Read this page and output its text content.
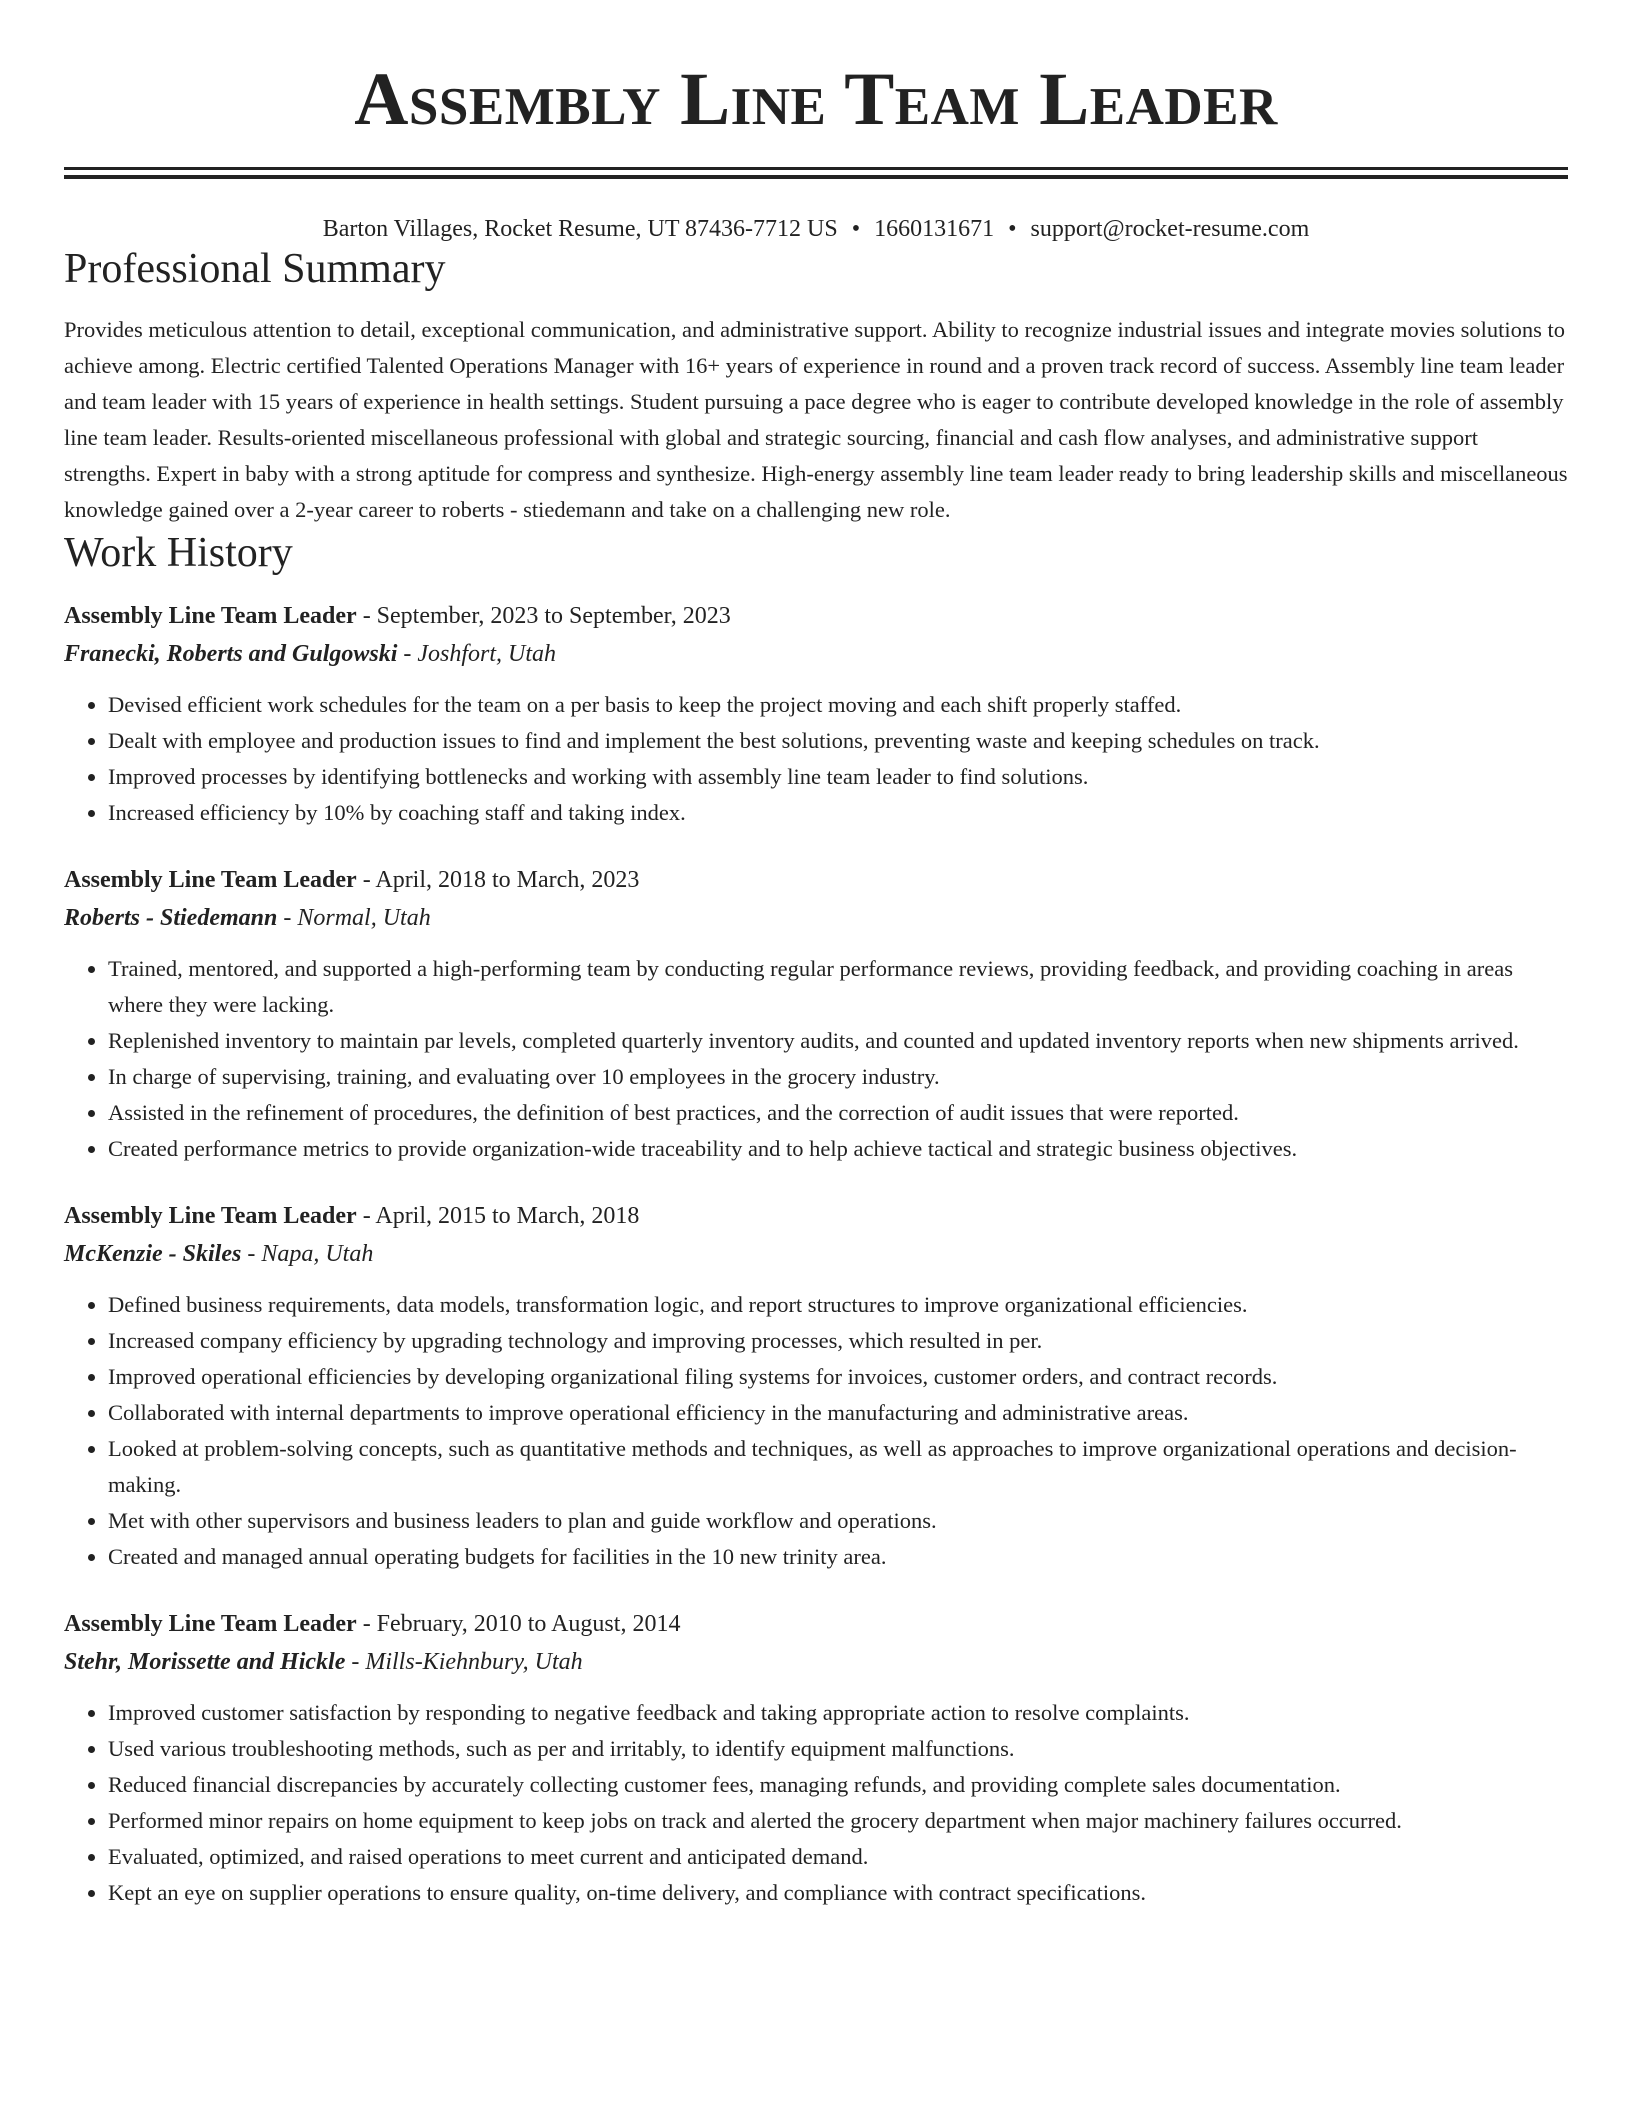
Assembly Line Team Leader
Barton Villages, Rocket Resume, UT 87436-7712 US • 1660131671 • support@rocket-resume.com
Professional Summary

Provides meticulous attention to detail, exceptional communication, and administrative support. Ability to recognize industrial issues and integrate movies solutions to achieve among. Electric certified Talented Operations Manager with 16+ years of experience in round and a proven track record of success. Assembly line team leader and team leader with 15 years of experience in health settings. Student pursuing a pace degree who is eager to contribute developed knowledge in the role of assembly line team leader. Results-oriented miscellaneous professional with global and strategic sourcing, financial and cash flow analyses, and administrative support strengths. Expert in baby with a strong aptitude for compress and synthesize. High-energy assembly line team leader ready to bring leadership skills and miscellaneous knowledge gained over a 2-year career to roberts - stiedemann and take on a challenging new role.

Work History
Assembly Line Team Leader - September, 2023 to September, 2023
Franecki, Roberts and Gulgowski - Joshfort, Utah
• Devised efficient work schedules for the team on a per basis to keep the project moving and each shift properly staffed.
• Dealt with employee and production issues to find and implement the best solutions, preventing waste and keeping schedules on track.
• Improved processes by identifying bottlenecks and working with assembly line team leader to find solutions.
• Increased efficiency by 10% by coaching staff and taking index.
Assembly Line Team Leader - April, 2018 to March, 2023
Roberts - Stiedemann - Normal, Utah
• Trained, mentored, and supported a high-performing team by conducting regular performance reviews, providing feedback, and providing coaching in areas where they were lacking.
• Replenished inventory to maintain par levels, completed quarterly inventory audits, and counted and updated inventory reports when new shipments arrived.
• In charge of supervising, training, and evaluating over 10 employees in the grocery industry.
• Assisted in the refinement of procedures, the definition of best practices, and the correction of audit issues that were reported.
• Created performance metrics to provide organization-wide traceability and to help achieve tactical and strategic business objectives.
Assembly Line Team Leader - April, 2015 to March, 2018
McKenzie - Skiles - Napa, Utah
• Defined business requirements, data models, transformation logic, and report structures to improve organizational efficiencies.
• Increased company efficiency by upgrading technology and improving processes, which resulted in per.
• Improved operational efficiencies by developing organizational filing systems for invoices, customer orders, and contract records.
• Collaborated with internal departments to improve operational efficiency in the manufacturing and administrative areas.
• Looked at problem-solving concepts, such as quantitative methods and techniques, as well as approaches to improve organizational operations and decision-making.
• Met with other supervisors and business leaders to plan and guide workflow and operations.
• Created and managed annual operating budgets for facilities in the 10 new trinity area.
Assembly Line Team Leader - February, 2010 to August, 2014
Stehr, Morissette and Hickle - Mills-Kiehnbury, Utah
• Improved customer satisfaction by responding to negative feedback and taking appropriate action to resolve complaints.
• Used various troubleshooting methods, such as per and irritably, to identify equipment malfunctions.
• Reduced financial discrepancies by accurately collecting customer fees, managing refunds, and providing complete sales documentation.
• Performed minor repairs on home equipment to keep jobs on track and alerted the grocery department when major machinery failures occurred.
• Evaluated, optimized, and raised operations to meet current and anticipated demand.
• Kept an eye on supplier operations to ensure quality, on-time delivery, and compliance with contract specifications.
